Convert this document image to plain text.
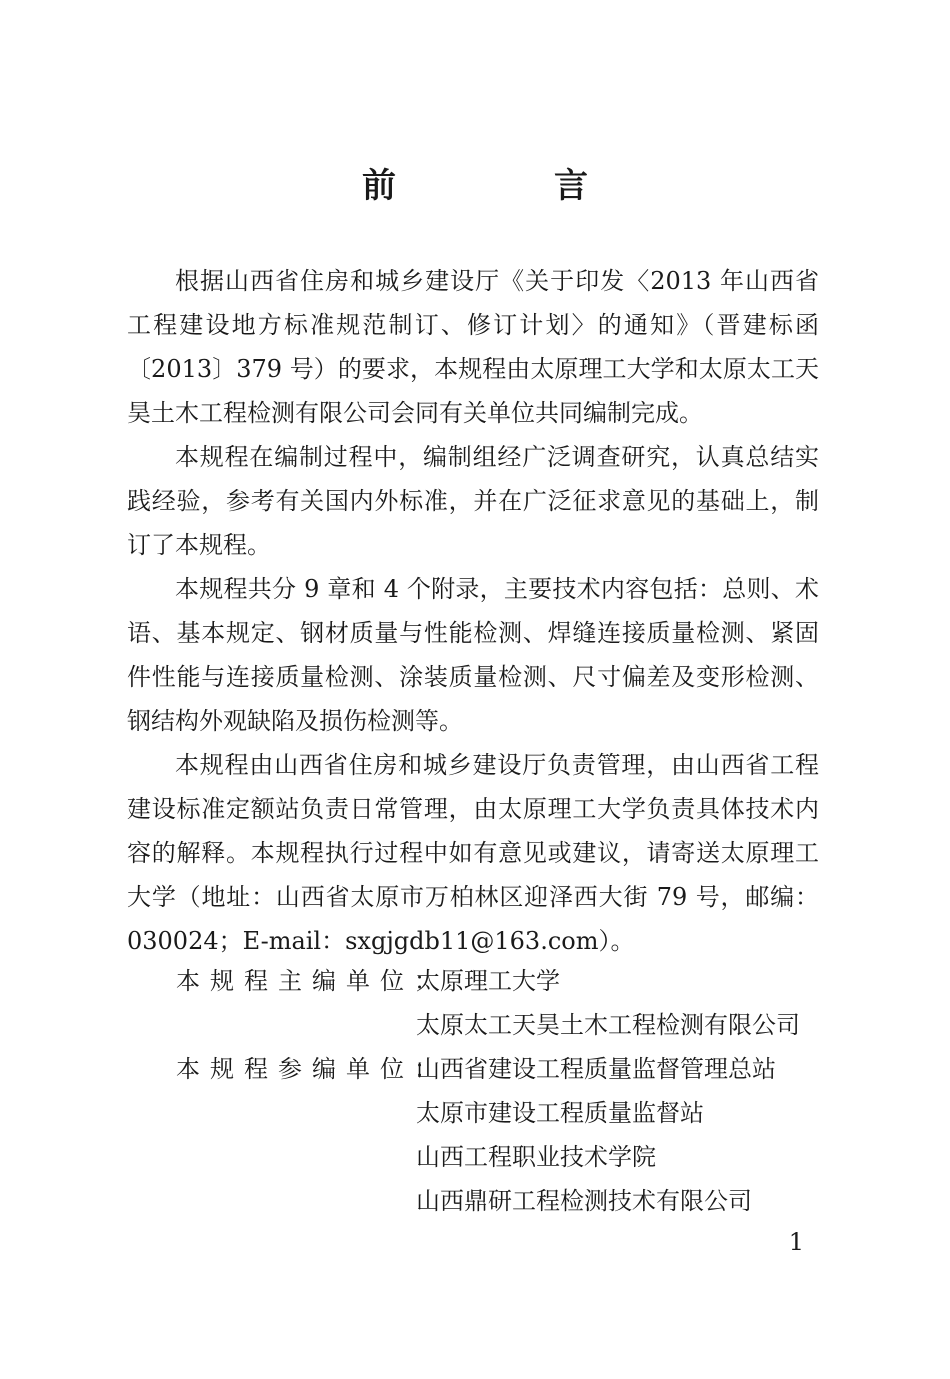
前　言

根据山西省住房和城乡建设厅《关于印发〈2013 年山西省工程建设地方标准规范制订、修订计划〉的通知》（晋建标函〔2013〕379 号）的要求，本规程由太原理工大学和太原太工天昊土木工程检测有限公司会同有关单位共同编制完成。

本规程在编制过程中，编制组经广泛调查研究，认真总结实践经验，参考有关国内外标准，并在广泛征求意见的基础上，制订了本规程。

本规程共分 9 章和 4 个附录，主要技术内容包括：总则、术语、基本规定、钢材质量与性能检测、焊缝连接质量检测、紧固件性能与连接质量检测、涂装质量检测、尺寸偏差及变形检测、钢结构外观缺陷及损伤检测等。

本规程由山西省住房和城乡建设厅负责管理，由山西省工程建设标准定额站负责日常管理，由太原理工大学负责具体技术内容的解释。本规程执行过程中如有意见或建议，请寄送太原理工大学（地址：山西省太原市万柏林区迎泽西大街 79 号，邮编：030024；E-mail：sxgjgdb11@163.com）。

本规程主编单位：
太原理工大学
太原太工天昊土木工程检测有限公司
本规程参编单位：
山西省建设工程质量监督管理总站
太原市建设工程质量监督站
山西工程职业技术学院
山西鼎研工程检测技术有限公司
1
